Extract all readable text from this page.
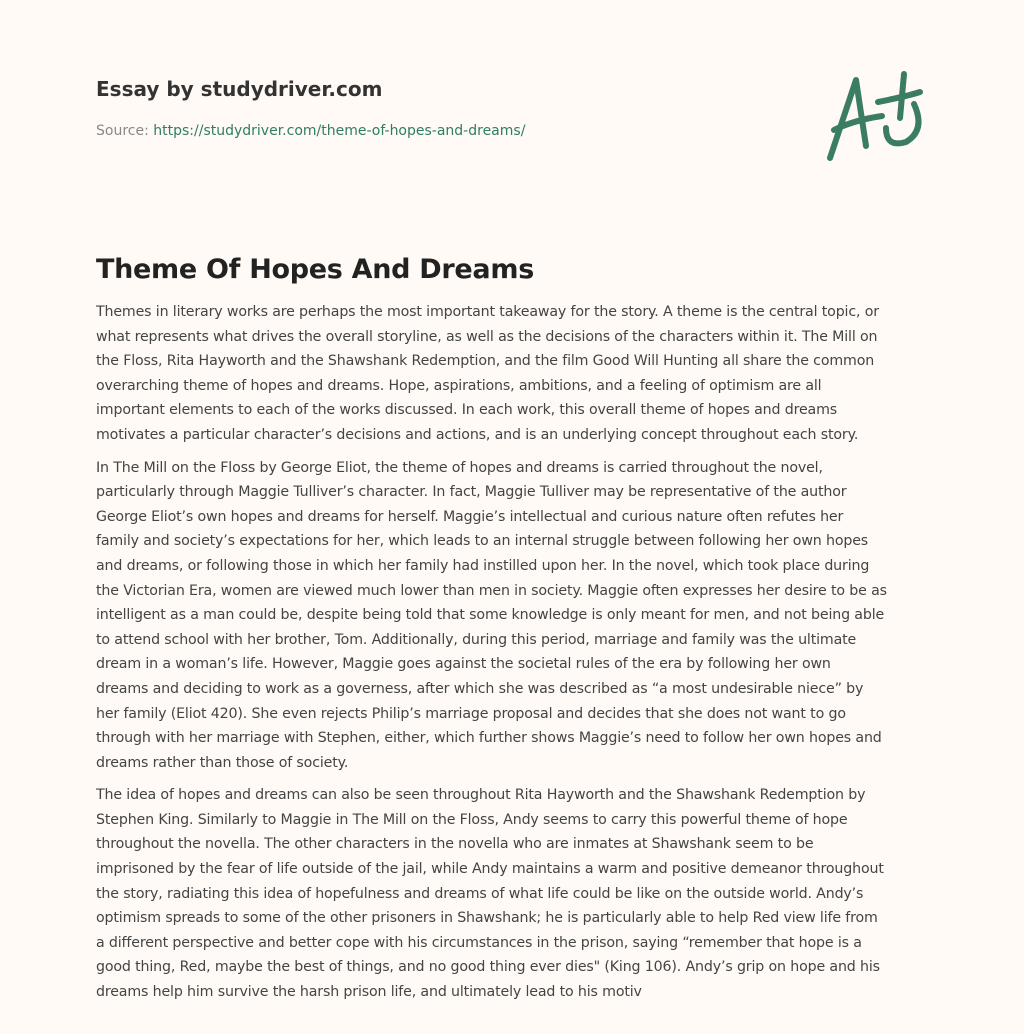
Essay by studydriver.com
Source: https://studydriver.com/theme-of-hopes-and-dreams/
Theme Of Hopes And Dreams
Themes in literary works are perhaps the most important takeaway for the story. A theme is the central topic, or
what represents what drives the overall storyline, as well as the decisions of the characters within it. The Mill on
the Floss, Rita Hayworth and the Shawshank Redemption, and the film Good Will Hunting all share the common
overarching theme of hopes and dreams. Hope, aspirations, ambitions, and a feeling of optimism are all
important elements to each of the works discussed. In each work, this overall theme of hopes and dreams
motivates a particular character’s decisions and actions, and is an underlying concept throughout each story.
In The Mill on the Floss by George Eliot, the theme of hopes and dreams is carried throughout the novel,
particularly through Maggie Tulliver’s character. In fact, Maggie Tulliver may be representative of the author
George Eliot’s own hopes and dreams for herself. Maggie’s intellectual and curious nature often refutes her
family and society’s expectations for her, which leads to an internal struggle between following her own hopes
and dreams, or following those in which her family had instilled upon her. In the novel, which took place during
the Victorian Era, women are viewed much lower than men in society. Maggie often expresses her desire to be as
intelligent as a man could be, despite being told that some knowledge is only meant for men, and not being able
to attend school with her brother, Tom. Additionally, during this period, marriage and family was the ultimate
dream in a woman’s life. However, Maggie goes against the societal rules of the era by following her own
dreams and deciding to work as a governess, after which she was described as “a most undesirable niece” by
her family (Eliot 420). She even rejects Philip’s marriage proposal and decides that she does not want to go
through with her marriage with Stephen, either, which further shows Maggie’s need to follow her own hopes and
dreams rather than those of society.
The idea of hopes and dreams can also be seen throughout Rita Hayworth and the Shawshank Redemption by
Stephen King. Similarly to Maggie in The Mill on the Floss, Andy seems to carry this powerful theme of hope
throughout the novella. The other characters in the novella who are inmates at Shawshank seem to be
imprisoned by the fear of life outside of the jail, while Andy maintains a warm and positive demeanor throughout
the story, radiating this idea of hopefulness and dreams of what life could be like on the outside world. Andy’s
optimism spreads to some of the other prisoners in Shawshank; he is particularly able to help Red view life from
a different perspective and better cope with his circumstances in the prison, saying “remember that hope is a
good thing, Red, maybe the best of things, and no good thing ever dies" (King 106). Andy’s grip on hope and his
dreams help him survive the harsh prison life, and ultimately lead to his motiv
